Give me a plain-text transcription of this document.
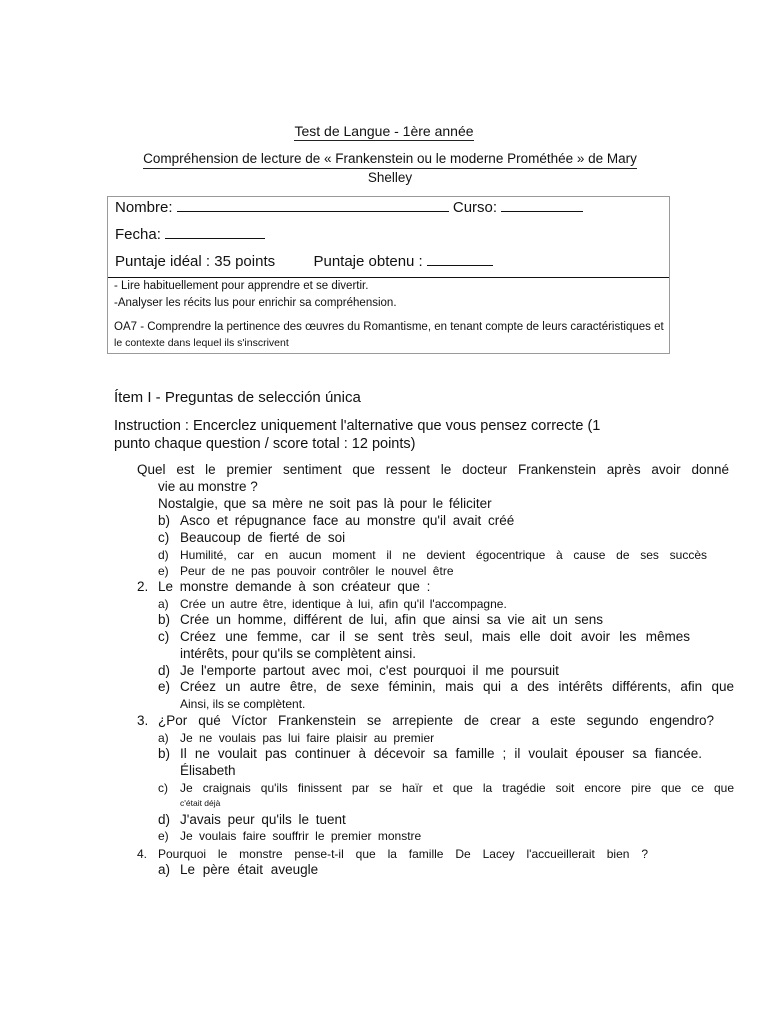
Test de Langue - 1ère année
Compréhension de lecture de « Frankenstein ou le moderne Prométhée » de Mary
Shelley
Nombre:	Curso:
Fecha:
Puntaje idéal : 35 points	Puntaje obtenu :
- Lire habituellement pour apprendre et se divertir.
-Analyser les récits lus pour enrichir sa compréhension.
OA7 - Comprendre la pertinence des œuvres du Romantisme, en tenant compte de leurs caractéristiques et
le contexte dans lequel ils s'inscrivent
Ítem I - Preguntas de selección única
Instruction : Encerclez uniquement l'alternative que vous pensez correcte (1
punto chaque question / score total : 12 points)
Quel est le premier sentiment que ressent le docteur Frankenstein après avoir donné
vie au monstre ?
Nostalgie, que sa mère ne soit pas là pour le féliciter
b) Asco et répugnance face au monstre qu'il avait créé
c) Beaucoup de fierté de soi
d) Humilité, car en aucun moment il ne devient égocentrique à cause de ses succès
e) Peur de ne pas pouvoir contrôler le nouvel être
2. Le monstre demande à son créateur que :
a) Crée un autre être, identique à lui, afin qu'il l'accompagne.
b) Crée un homme, différent de lui, afin que ainsi sa vie ait un sens
c) Créez une femme, car il se sent très seul, mais elle doit avoir les mêmes
intérêts, pour qu'ils se complètent ainsi.
d) Je l'emporte partout avec moi, c'est pourquoi il me poursuit
e) Créez un autre être, de sexe féminin, mais qui a des intérêts différents, afin que
Ainsi, ils se complètent.
3. ¿Por qué Víctor Frankenstein se arrepiente de crear a este segundo engendro?
a) Je ne voulais pas lui faire plaisir au premier
b) Il ne voulait pas continuer à décevoir sa famille ; il voulait épouser sa fiancée.
Élisabeth
c) Je craignais qu'ils finissent par se haïr et que la tragédie soit encore pire que ce que
c'était déjà
d) J'avais peur qu'ils le tuent
e) Je voulais faire souffrir le premier monstre
4. Pourquoi le monstre pense-t-il que la famille De Lacey l'accueillerait bien ?
a) Le père était aveugle
